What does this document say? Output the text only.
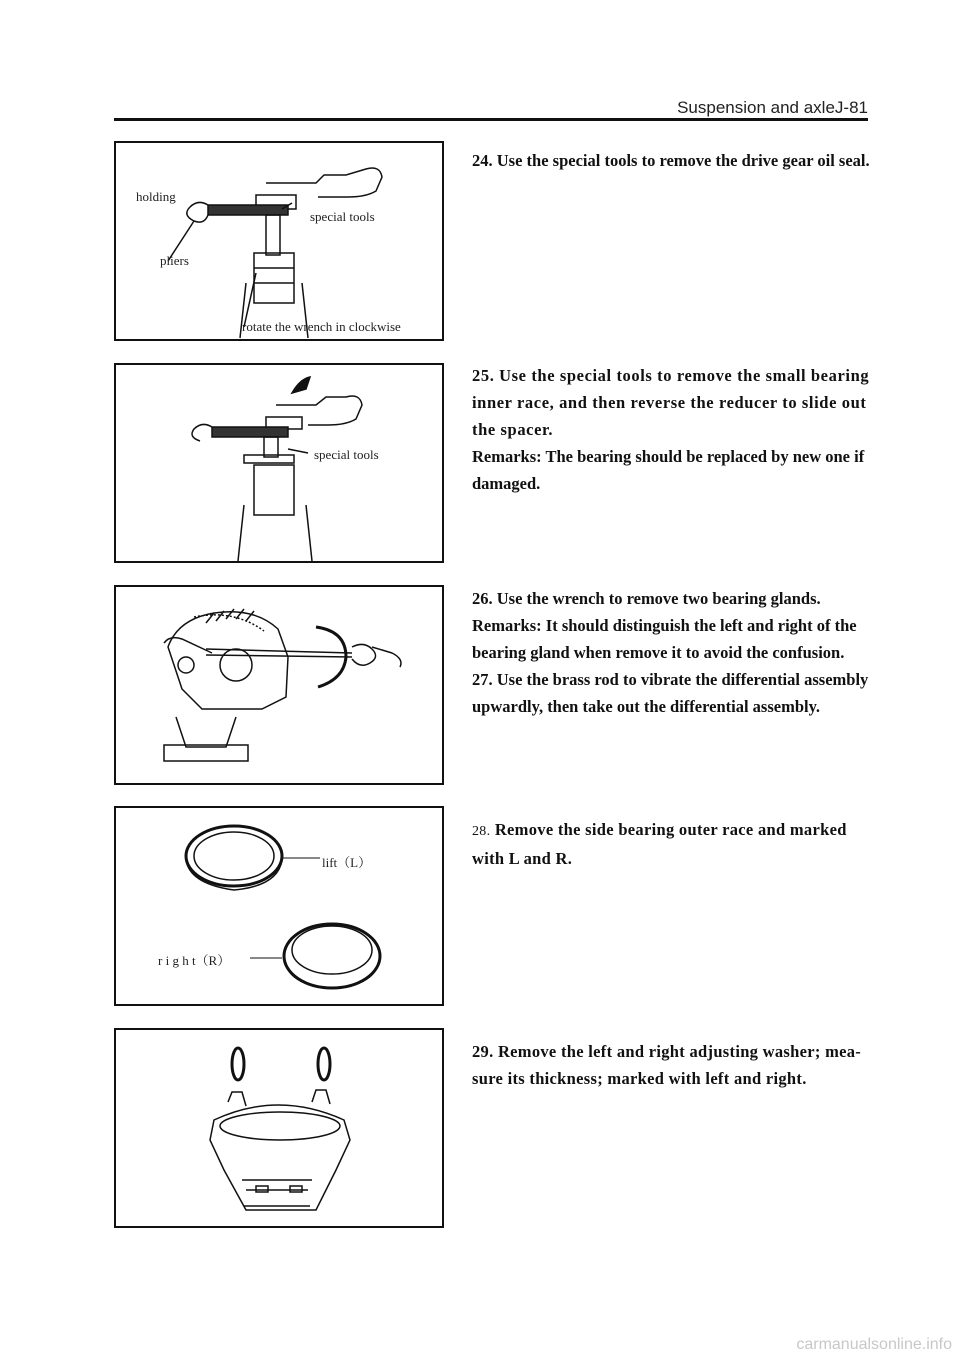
Suspension and axleJ-81
holding
special tools
pliers
rotate the wrench in clockwise

24. Use the special tools to remove the drive gear oil seal.

special tools

25. Use the special tools to remove the small bearing inner race, and then reverse the reducer to slide out the spacer.

Remarks: The bearing should be replaced by new one if damaged.

26. Use the wrench to remove two bearing glands.

Remarks: It should distinguish the left and right of the bearing gland when remove it to avoid the confusion.

27. Use the brass rod to vibrate the differential assembly upwardly, then take out the differential assembly.

lift（L）
r i g h t（R）

28. Remove the side bearing outer race and marked with L and R.

29. Remove the left and right adjusting washer; mea-sure its thickness; marked with left and right.

carmanualsonline.info
